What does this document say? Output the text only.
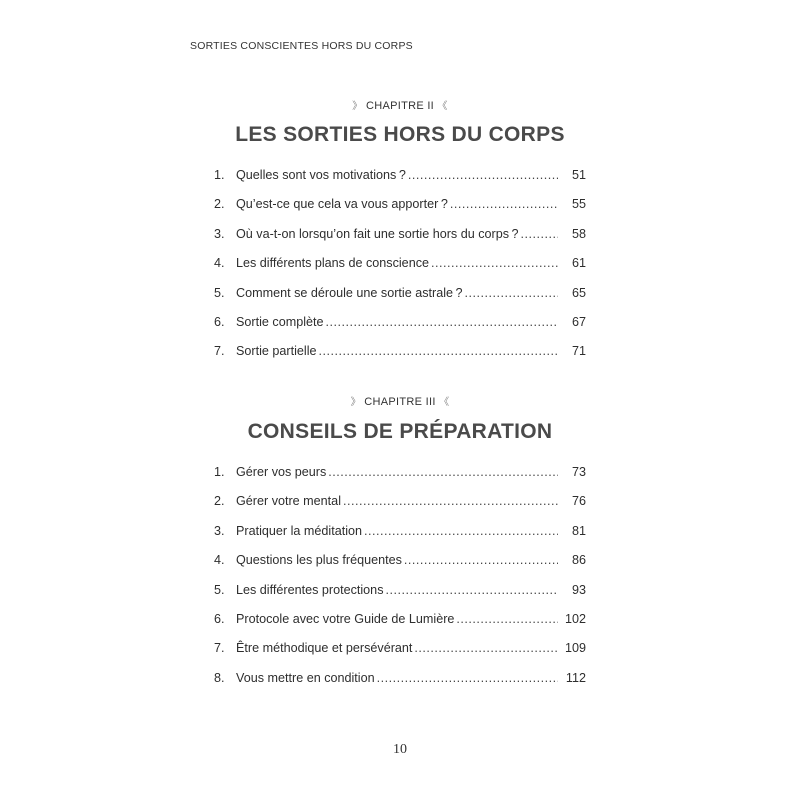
SORTIES CONSCIENTES HORS DU CORPS
》 CHAPITRE II 《
LES SORTIES HORS DU CORPS
1. Quelles sont vos motivations ? .....	51
2. Qu’est-ce que cela va vous apporter ? .....	55
3. Où va-t-on lorsqu’on fait une sortie hors du corps ? .....	58
4. Les différents plans de conscience .....	61
5. Comment se déroule une sortie astrale ? .....	65
6. Sortie complète .....	67
7. Sortie partielle .....	71
》 CHAPITRE III 《
CONSEILS DE PRÉPARATION
1. Gérer vos peurs .....	73
2. Gérer votre mental .....	76
3. Pratiquer la méditation .....	81
4. Questions les plus fréquentes .....	86
5. Les différentes protections .....	93
6. Protocole avec votre Guide de Lumière .....	102
7. Être méthodique et persévérant .....	109
8. Vous mettre en condition .....	112
10
